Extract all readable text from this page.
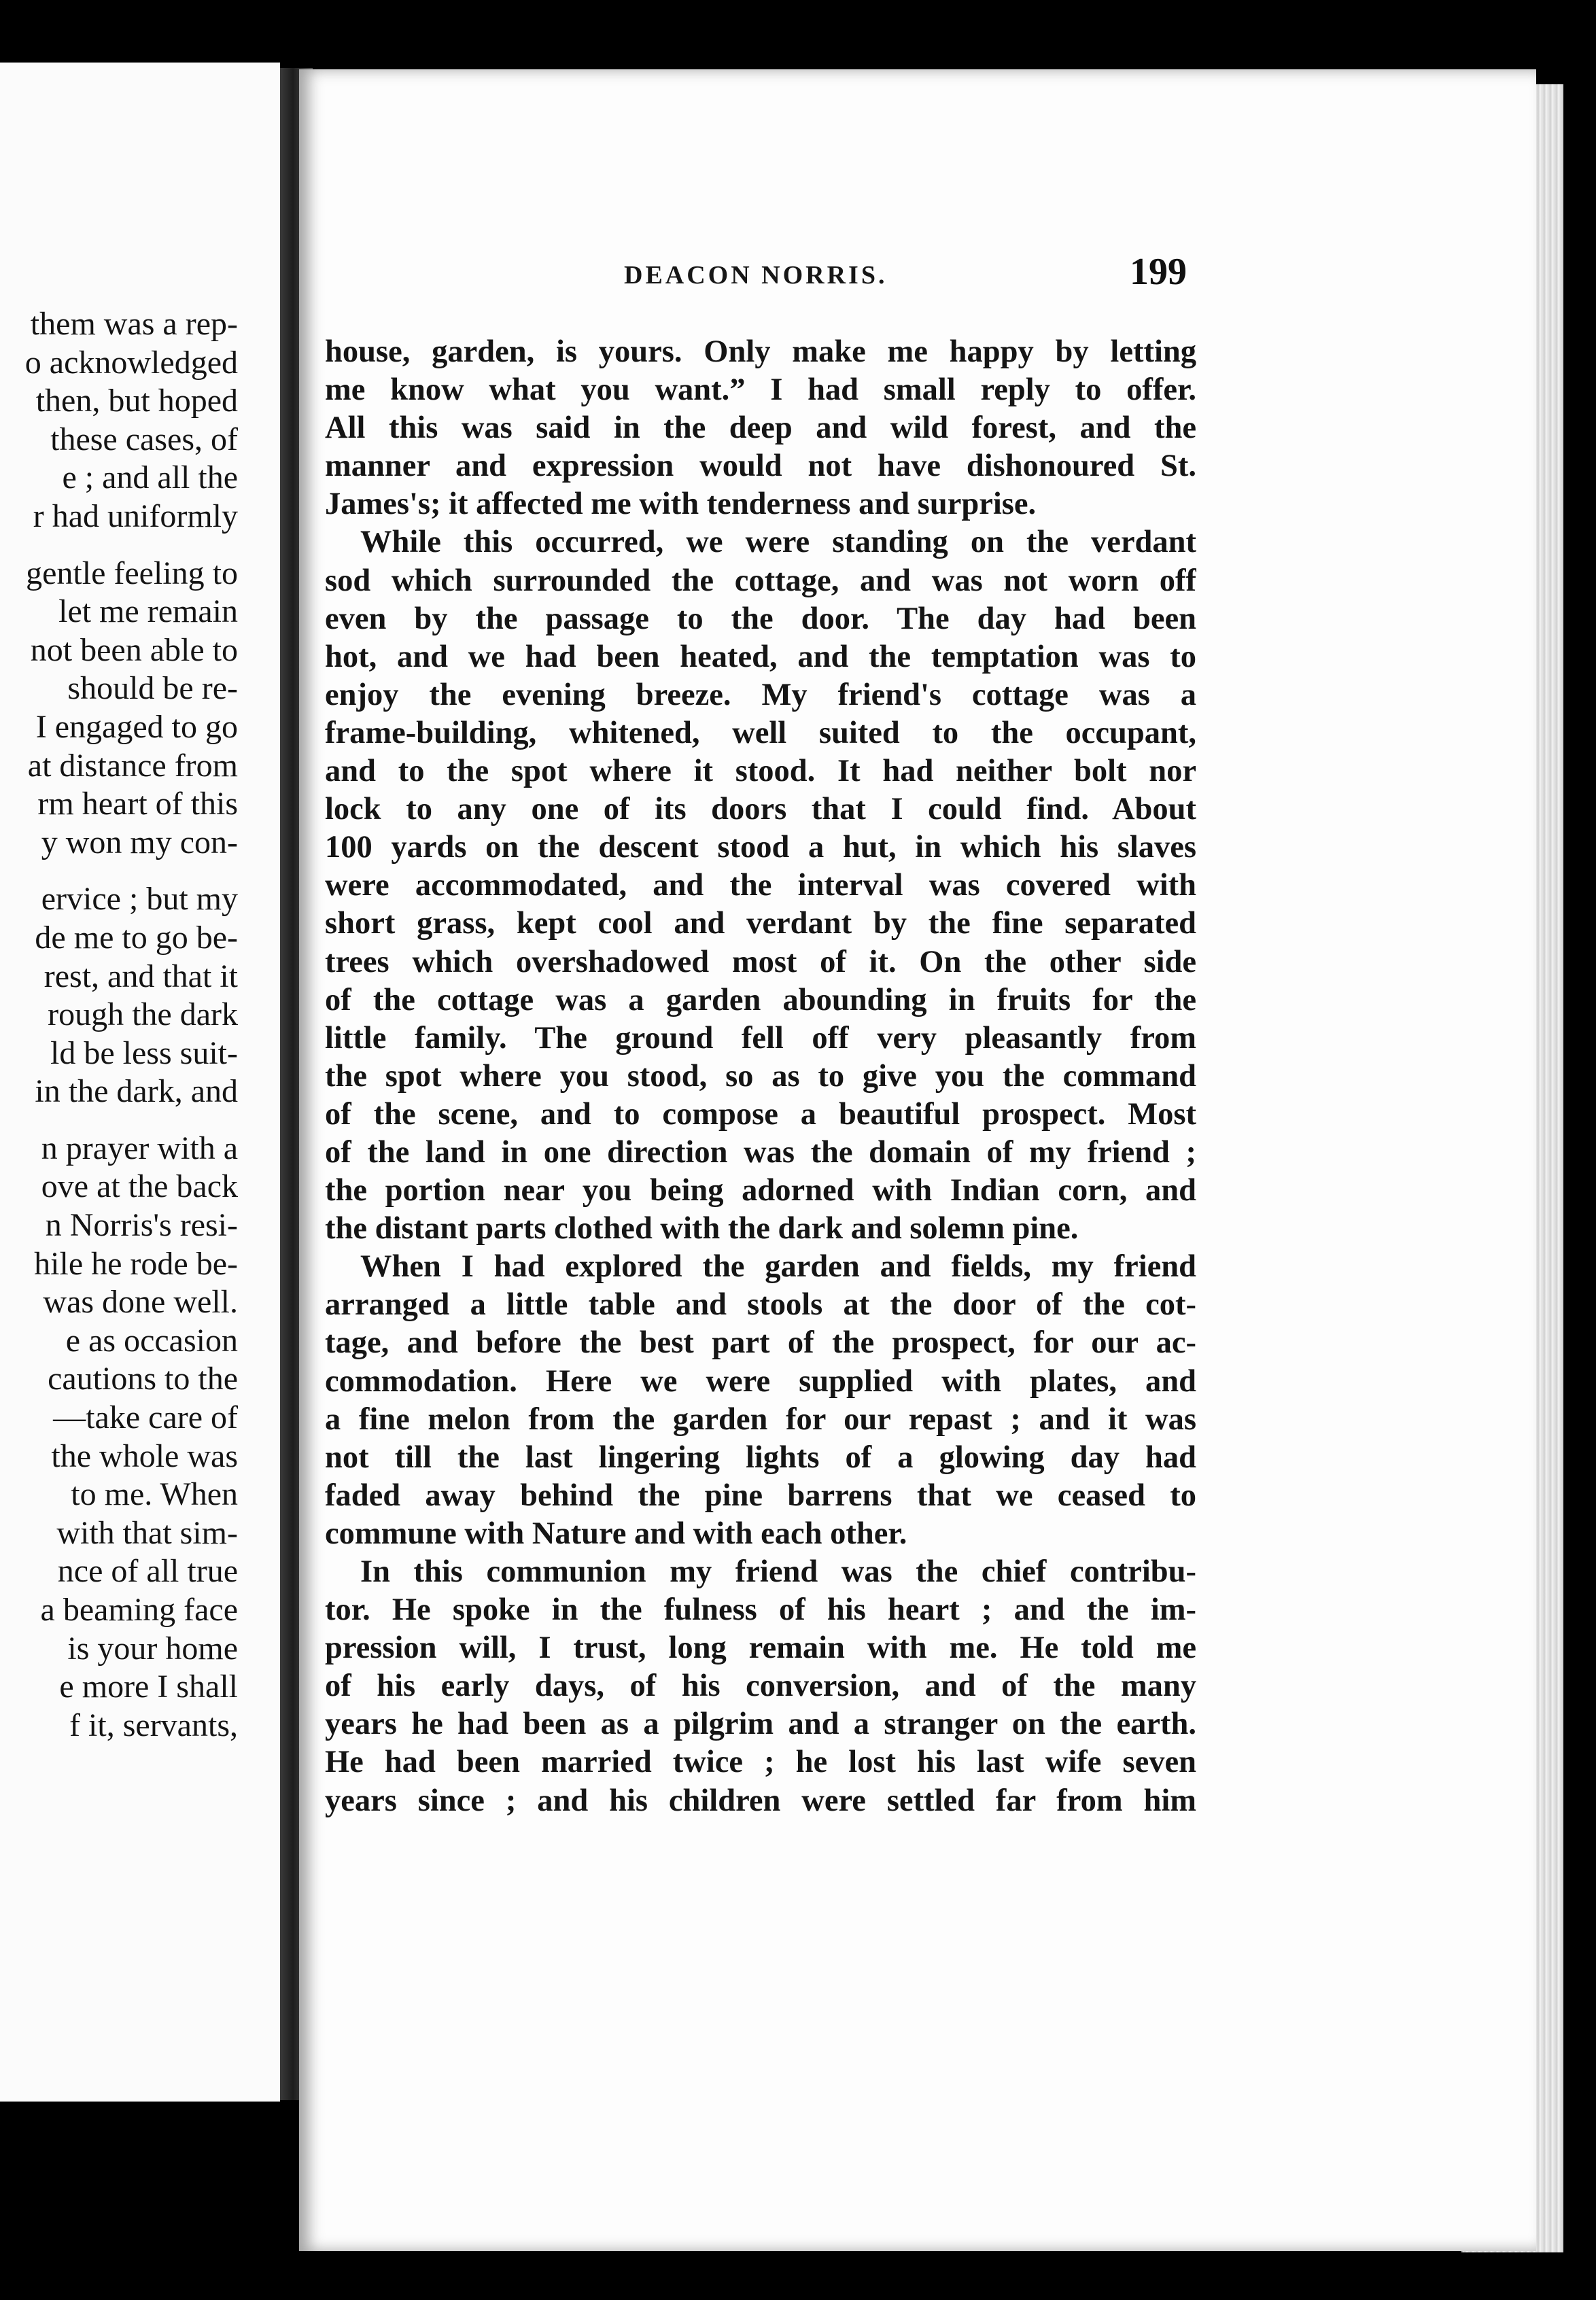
them was a rep-
o acknowledged
then, but hoped
these cases, of
e ; and all the
r had uniformly
gentle feeling to
let me remain
not been able to
should be re-
I engaged to go
at distance from
rm heart of this
y won my con-
ervice ; but my
de me to go be-
rest, and that it
rough the dark
ld be less suit-
in the dark, and
n prayer with a
ove at the back
n Norris's resi-
hile he rode be-
was done well.
e as occasion
cautions to the
—take care of
the whole was
to me. When
with that sim-
nce of all true
a beaming face
is your home
e more I shall
f it, servants,
DEACON NORRIS.	199
house, garden, is yours. Only make me happy by letting
me know what you want.” I had small reply to offer.
All this was said in the deep and wild forest, and the
manner and expression would not have dishonoured St.
James's; it affected me with tenderness and surprise.
While this occurred, we were standing on the verdant
sod which surrounded the cottage, and was not worn off
even by the passage to the door. The day had been
hot, and we had been heated, and the temptation was to
enjoy the evening breeze. My friend's cottage was a
frame-building, whitened, well suited to the occupant,
and to the spot where it stood. It had neither bolt nor
lock to any one of its doors that I could find. About
100 yards on the descent stood a hut, in which his slaves
were accommodated, and the interval was covered with
short grass, kept cool and verdant by the fine separated
trees which overshadowed most of it. On the other side
of the cottage was a garden abounding in fruits for the
little family. The ground fell off very pleasantly from
the spot where you stood, so as to give you the command
of the scene, and to compose a beautiful prospect. Most
of the land in one direction was the domain of my friend ;
the portion near you being adorned with Indian corn, and
the distant parts clothed with the dark and solemn pine.
When I had explored the garden and fields, my friend
arranged a little table and stools at the door of the cot-
tage, and before the best part of the prospect, for our ac-
commodation. Here we were supplied with plates, and
a fine melon from the garden for our repast ; and it was
not till the last lingering lights of a glowing day had
faded away behind the pine barrens that we ceased to
commune with Nature and with each other.
In this communion my friend was the chief contribu-
tor. He spoke in the fulness of his heart ; and the im-
pression will, I trust, long remain with me. He told me
of his early days, of his conversion, and of the many
years he had been as a pilgrim and a stranger on the earth.
He had been married twice ; he lost his last wife seven
years since ; and his children were settled far from him
